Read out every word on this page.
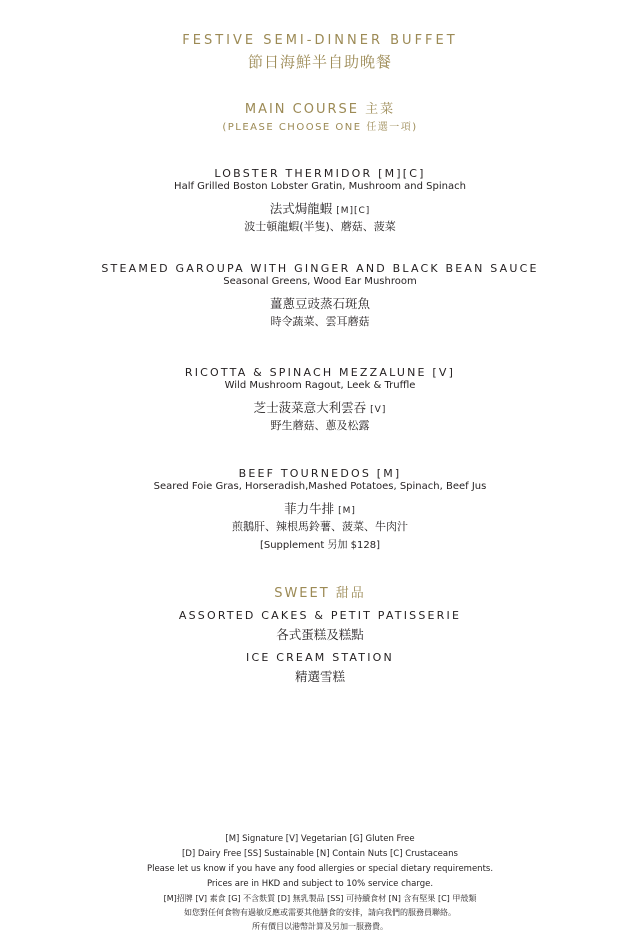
FESTIVE SEMI-DINNER BUFFET
節日海鮮半自助晚餐
MAIN COURSE 主菜
(PLEASE CHOOSE ONE 任選一項)
LOBSTER THERMIDOR [M][C]
Half Grilled Boston Lobster Gratin, Mushroom and Spinach
法式焗龍蝦 [M][C]
波士頓龍蝦(半隻)、蘑菇、菠菜
STEAMED GAROUPA WITH GINGER AND BLACK BEAN SAUCE
Seasonal Greens, Wood Ear Mushroom
薑蔥豆豉蒸石斑魚
時令蔬菜、雲耳蘑菇
RICOTTA & SPINACH MEZZALUNE [V]
Wild Mushroom Ragout, Leek & Truffle
芝士菠菜意大利雲吞 [V]
野生蘑菇、蔥及松露
BEEF TOURNEDOS [M]
Seared Foie Gras, Horseradish,Mashed Potatoes, Spinach, Beef Jus
菲力牛排 [M]
煎鵝肝、辣根馬鈴薯、菠菜、牛肉汁
[Supplement 另加 $128]
SWEET 甜品
ASSORTED CAKES & PETIT PATISSERIE
各式蛋糕及糕點
ICE CREAM STATION
精選雪糕
[M] Signature [V] Vegetarian [G] Gluten Free
[D] Dairy Free [SS] Sustainable [N] Contain Nuts [C] Crustaceans
Please let us know if you have any food allergies or special dietary requirements.
Prices are in HKD and subject to 10% service charge.
[M]招牌 [V] 素食 [G] 不含麩質 [D] 無乳製品 [SS] 可持續食材 [N] 含有堅果 [C] 甲殼類
如您對任何食物有過敏反應或需要其他膳食的安排，請向我們的服務員聯絡。
所有價目以港幣計算及另加一服務費。
